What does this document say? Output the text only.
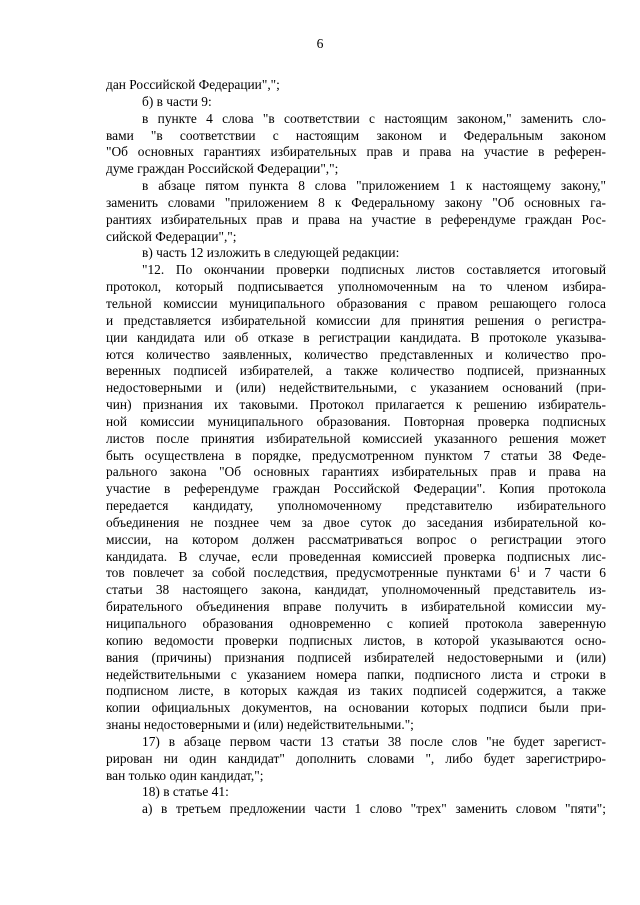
6
дан Российской Федерации",";
б) в части 9:
в пункте 4 слова "в соответствии с настоящим законом," заменить сло-
вами "в соответствии с настоящим законом и Федеральным законом
"Об основных гарантиях избирательных прав и права на участие в референ-
думе граждан Российской Федерации",";
в абзаце пятом пункта 8 слова "приложением 1 к настоящему закону,"
заменить словами "приложением 8 к Федеральному закону "Об основных га-
рантиях избирательных прав и права на участие в референдуме граждан Рос-
сийской Федерации",";
в) часть 12 изложить в следующей редакции:
"12. По окончании проверки подписных листов составляется итоговый
протокол, который подписывается уполномоченным на то членом избира-
тельной комиссии муниципального образования с правом решающего голоса
и представляется избирательной комиссии для принятия решения о регистра-
ции кандидата или об отказе в регистрации кандидата. В протоколе указыва-
ются количество заявленных, количество представленных и количество про-
веренных подписей избирателей, а также количество подписей, признанных
недостоверными и (или) недействительными, с указанием оснований (при-
чин) признания их таковыми. Протокол прилагается к решению избиратель-
ной комиссии муниципального образования. Повторная проверка подписных
листов после принятия избирательной комиссией указанного решения может
быть осуществлена в порядке, предусмотренном пунктом 7 статьи 38 Феде-
рального закона "Об основных гарантиях избирательных прав и права на
участие в референдуме граждан Российской Федерации". Копия протокола
передается кандидату, уполномоченному представителю избирательного
объединения не позднее чем за двое суток до заседания избирательной ко-
миссии, на котором должен рассматриваться вопрос о регистрации этого
кандидата. В случае, если проведенная комиссией проверка подписных лис-
тов повлечет за собой последствия, предусмотренные пунктами $6^1$ и 7 части 6
статьи 38 настоящего закона, кандидат, уполномоченный представитель из-
бирательного объединения вправе получить в избирательной комиссии му-
ниципального образования одновременно с копией протокола заверенную
копию ведомости проверки подписных листов, в которой указываются осно-
вания (причины) признания подписей избирателей недостоверными и (или)
недействительными с указанием номера папки, подписного листа и строки в
подписном листе, в которых каждая из таких подписей содержится, а также
копии официальных документов, на основании которых подписи были при-
знаны недостоверными и (или) недействительными.";
17) в абзаце первом части 13 статьи 38 после слов "не будет зарегист-
рирован ни один кандидат" дополнить словами ", либо будет зарегистриро-
ван только один кандидат,";
18) в статье 41:
а) в третьем предложении части 1 слово "трех" заменить словом "пяти";
